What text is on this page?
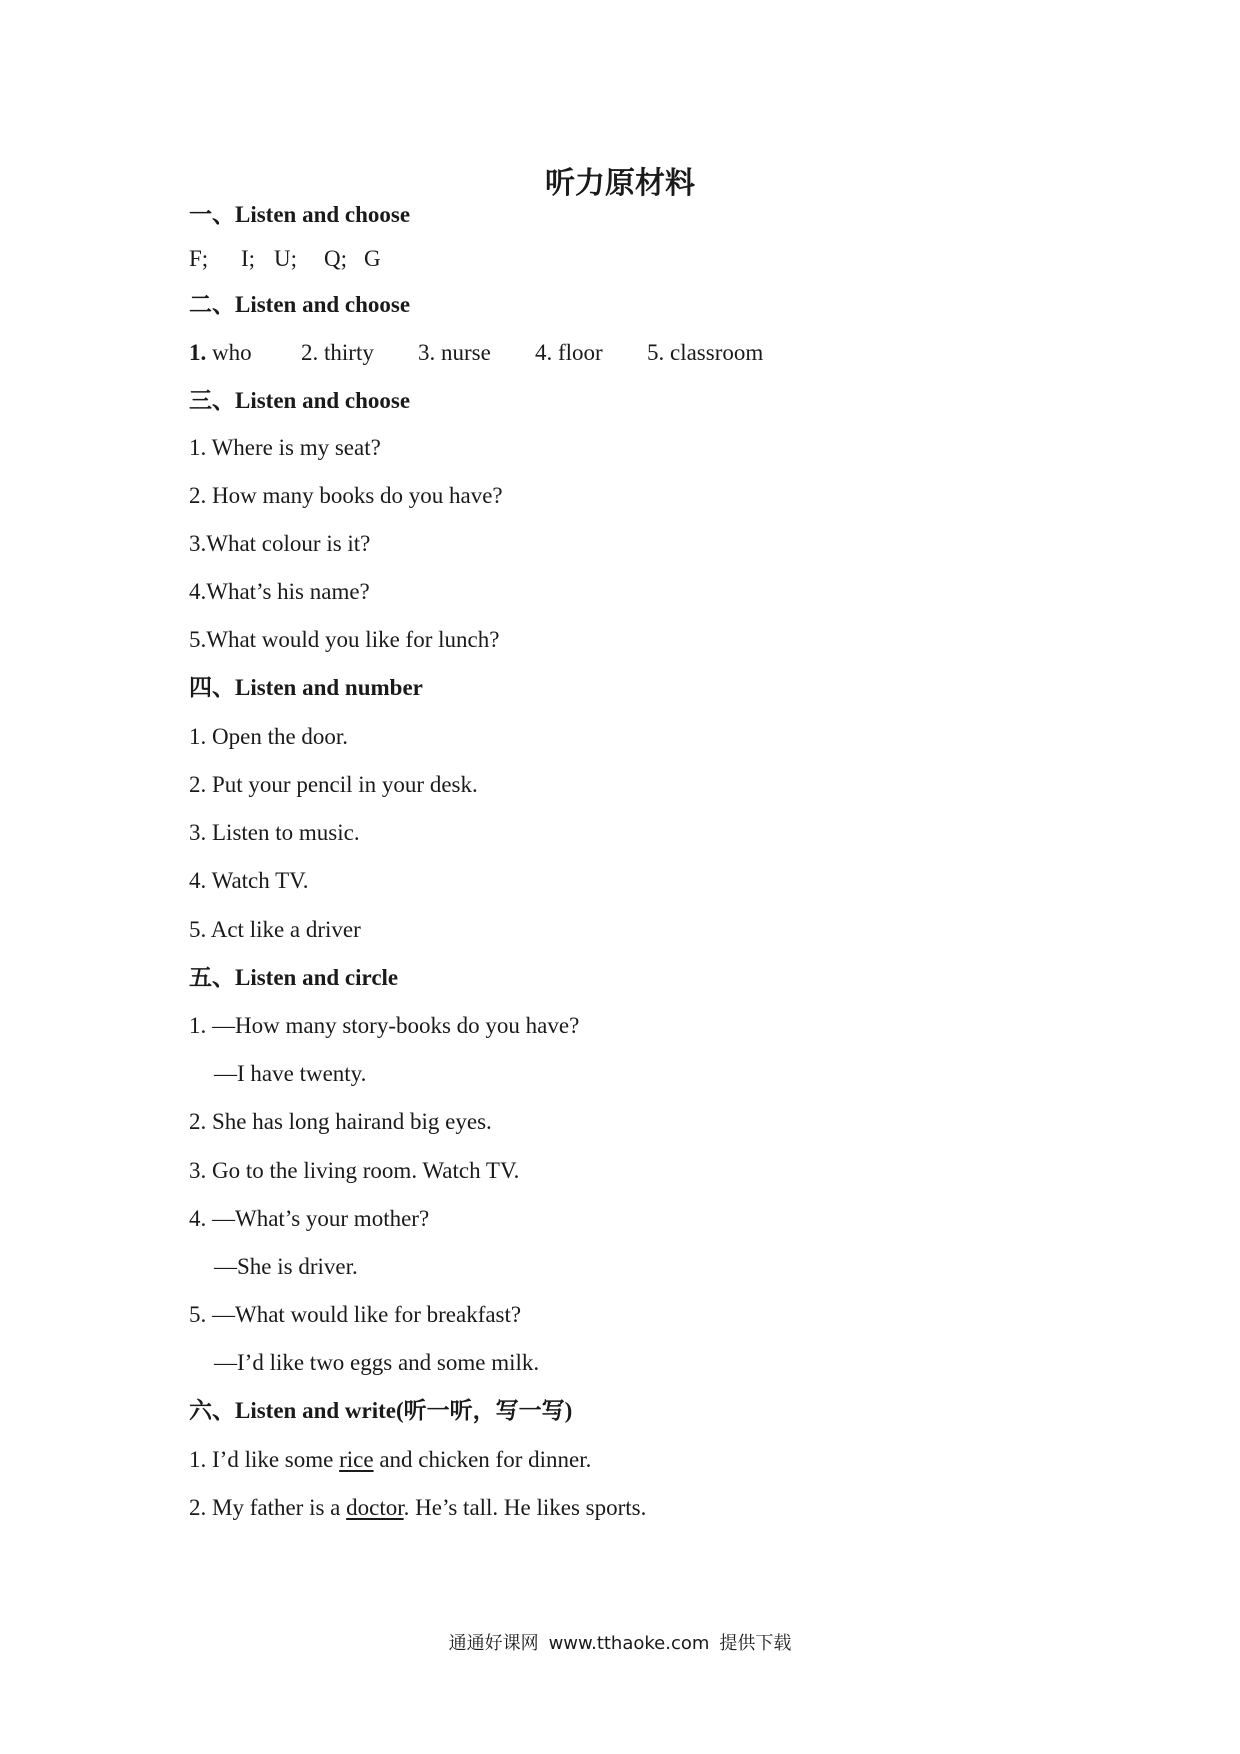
听力原材料
一、Listen and choose
F; I; U; Q; G
二、Listen and choose
1. who 2. thirty 3. nurse 4. floor 5. classroom
三、Listen and choose
1. Where is my seat?
2. How many books do you have?
3.What colour is it?
4.What’s his name?
5.What would you like for lunch?
四、Listen and number
1. Open the door.
2. Put your pencil in your desk.
3. Listen to music.
4. Watch TV.
5. Act like a driver
五、Listen and circle
1. —How many story-books do you have?
—I have twenty.
2. She has long hairand big eyes.
3. Go to the living room. Watch TV.
4. —What’s your mother?
—She is driver.
5. —What would like for breakfast?
—I’d like two eggs and some milk.
六、Listen and write(听一听，写一写)
1. I’d like some rice and chicken for dinner.
2. My father is a doctor. He’s tall. He likes sports.
通通好课网 www.tthaoke.com 提供下载
